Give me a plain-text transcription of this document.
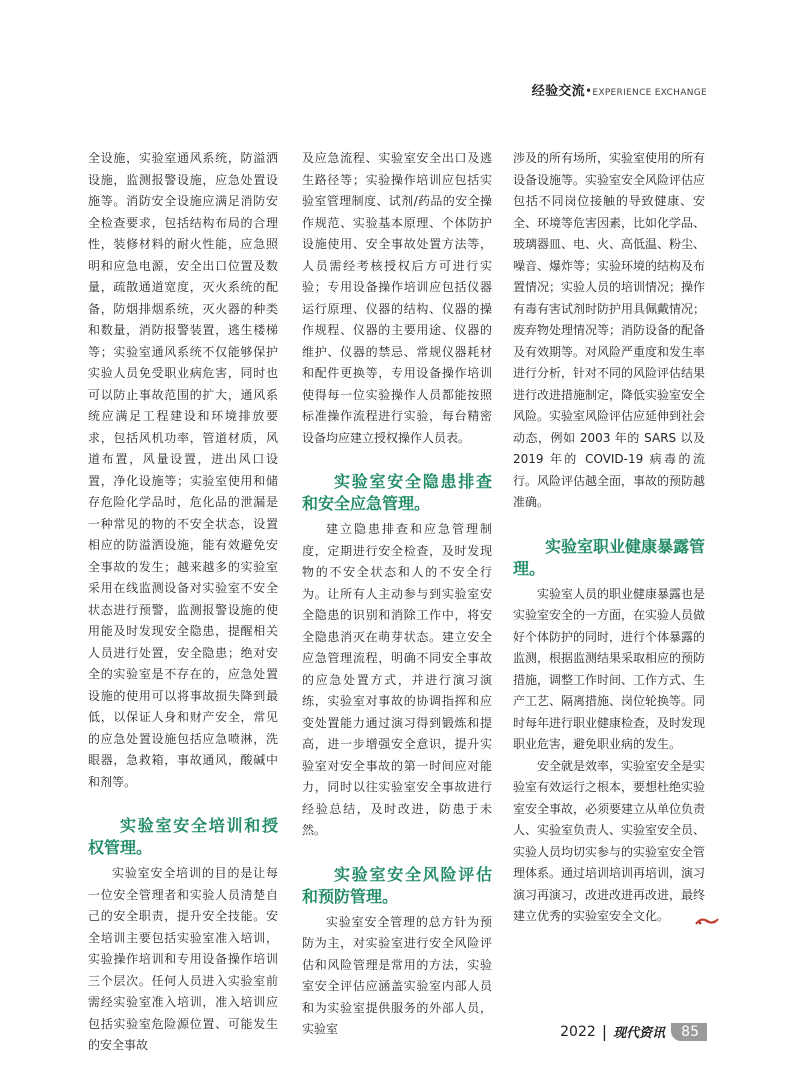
经验交流•EXPERIENCE EXCHANGE

全设施，实验室通风系统，防溢洒设施，监测报警设施，应急处置设施等。消防安全设施应满足消防安全检查要求，包括结构布局的合理性，装修材料的耐火性能，应急照明和应急电源，安全出口位置及数量，疏散通道宽度，灭火系统的配备，防烟排烟系统，灭火器的种类和数量，消防报警装置，逃生楼梯等；实验室通风系统不仅能够保护实验人员免受职业病危害，同时也可以防止事故范围的扩大，通风系统应满足工程建设和环境排放要求，包括风机功率，管道材质，风道布置，风量设置，进出风口设置，净化设施等；实验室使用和储存危险化学品时，危化品的泄漏是一种常见的物的不安全状态，设置相应的防溢洒设施，能有效避免安全事故的发生；越来越多的实验室采用在线监测设备对实验室不安全状态进行预警，监测报警设施的使用能及时发现安全隐患，提醒相关人员进行处置，安全隐患；绝对安全的实验室是不存在的，应急处置设施的使用可以将事故损失降到最低，以保证人身和财产安全，常见的应急处置设施包括应急喷淋，洗眼器，急救箱，事故通风，酸碱中和剂等。

实验室安全培训和授权管理。

实验室安全培训的目的是让每一位安全管理者和实验人员清楚自己的安全职责，提升安全技能。安全培训主要包括实验室准入培训，实验操作培训和专用设备操作培训三个层次。任何人员进入实验室前需经实验室准入培训，准入培训应包括实验室危险源位置、可能发生的安全事故

及应急流程、实验室安全出口及逃生路径等；实验操作培训应包括实验室管理制度、试剂/药品的安全操作规范、实验基本原理、个体防护设施使用、安全事故处置方法等，人员需经考核授权后方可进行实验；专用设备操作培训应包括仪器运行原理、仪器的结构、仪器的操作规程、仪器的主要用途、仪器的维护、仪器的禁忌、常规仪器耗材和配件更换等，专用设备操作培训使得每一位实验操作人员都能按照标准操作流程进行实验，每台精密设备均应建立授权操作人员表。

实验室安全隐患排查和安全应急管理。

建立隐患排查和应急管理制度，定期进行安全检查，及时发现物的不安全状态和人的不安全行为。让所有人主动参与到实验室安全隐患的识别和消除工作中，将安全隐患消灭在萌芽状态。建立安全应急管理流程，明确不同安全事故的应急处置方式，并进行演习演练，实验室对事故的协调指挥和应变处置能力通过演习得到锻炼和提高，进一步增强安全意识，提升实验室对安全事故的第一时间应对能力，同时以往实验室安全事故进行经验总结，及时改进，防患于未然。

实验室安全风险评估和预防管理。

实验室安全管理的总方针为预防为主，对实验室进行安全风险评估和风险管理是常用的方法，实验室安全评估应涵盖实验室内部人员和为实验室提供服务的外部人员，实验室

涉及的所有场所，实验室使用的所有设备设施等。实验室安全风险评估应包括不同岗位接触的导致健康、安全、环境等危害因素，比如化学品、玻璃器皿、电、火、高低温、粉尘、噪音、爆炸等；实验环境的结构及布置情况；实验人员的培训情况；操作有毒有害试剂时防护用具佩戴情况；废弃物处理情况等；消防设备的配备及有效期等。对风险严重度和发生率进行分析，针对不同的风险评估结果进行改进措施制定，降低实验室安全风险。实验室风险评估应延伸到社会动态，例如 2003 年的 SARS 以及 2019 年的 COVID-19 病毒的流行。风险评估越全面，事故的预防越准确。

实验室职业健康暴露管理。

实验室人员的职业健康暴露也是实验室安全的一方面，在实验人员做好个体防护的同时，进行个体暴露的监测，根据监测结果采取相应的预防措施，调整工作时间、工作方式、生产工艺、隔离措施、岗位轮换等。同时每年进行职业健康检查，及时发现职业危害，避免职业病的发生。

安全就是效率，实验室安全是实验室有效运行之根本，要想杜绝实验室安全事故，必须要建立从单位负责人、实验室负责人、实验室安全员、实验人员均切实参与的实验室安全管理体系。通过培训培训再培训，演习演习再演习，改进改进再改进，最终建立优秀的实验室安全文化。

2022 | 现代资讯	85
